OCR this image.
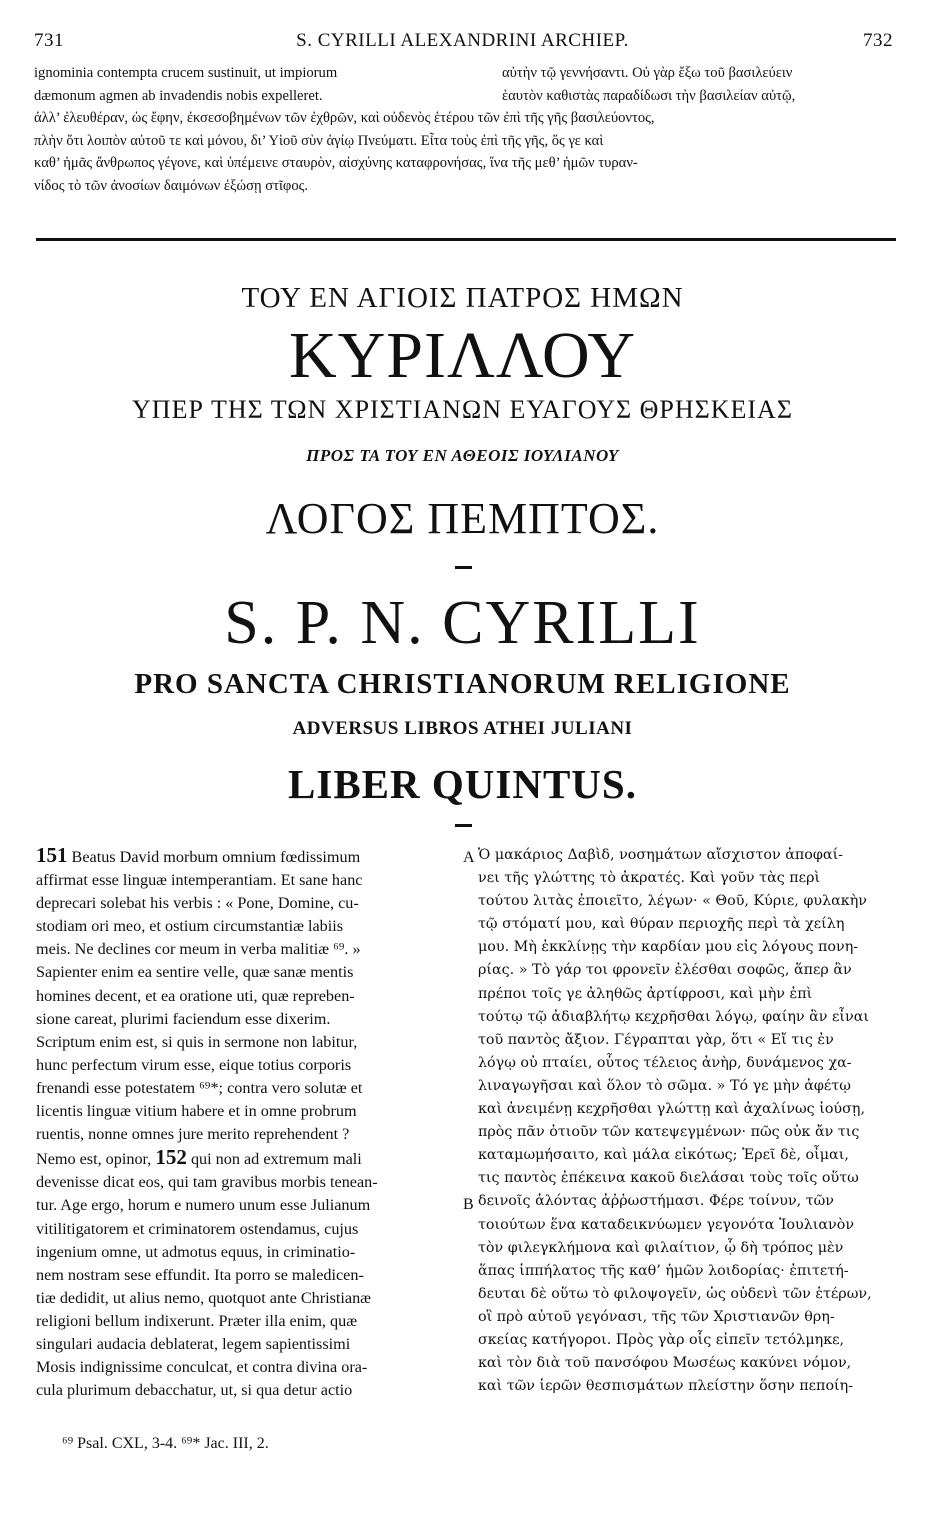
731	S. CYRILLI ALEXANDRINI ARCHIEP.	732
ignominia contempta crucem sustinuit, ut impiorum
dæmonum agmen ab invadendis nobis expelleret.
αὐτὴν τῷ γεννήσαντι. Οὐ γὰρ ἔξω τοῦ βασιλεύειν
ἑαυτὸν καθιστὰς παραδίδωσι τὴν βασιλείαν αὐτῷ,
ἀλλ’ ἐλευθέραν, ὡς ἔφην, ἐκσεσοβημένων τῶν ἐχθρῶν, καὶ οὐδενὸς ἑτέρου τῶν ἐπὶ τῆς γῆς βασιλεύοντος,
πλὴν ὅτι λοιπὸν αὐτοῦ τε καὶ μόνου, δι’ Υἱοῦ σὺν ἁγίῳ Πνεύματι. Εἶτα τοὺς ἐπὶ τῆς γῆς, ὅς γε καὶ
καθ’ ἡμᾶς ἄνθρωπος γέγονε, καὶ ὑπέμεινε σταυρὸν, αἰσχύνης καταφρονήσας, ἵνα τῆς μεθ’ ἡμῶν τυραν-
νίδος τὸ τῶν ἀνοσίων δαιμόνων ἐξώσῃ στῖφος.
ΤΟΥ ΕΝ ΑΓΙΟΙΣ ΠΑΤΡΟΣ ΗΜΩΝ
ΚΥΡΙΛΛΟΥ
ΥΠΕΡ ΤΗΣ ΤΩΝ ΧΡΙΣΤΙΑΝΩΝ ΕΥΑΓΟΥΣ ΘΡΗΣΚΕΙΑΣ
ΠΡΟΣ ΤΑ ΤΟΥ ΕΝ ΑΘΕΟΙΣ ΙΟΥΛΙΑΝΟΥ
ΛΟΓΟΣ ΠΕΜΠΤΟΣ.
S. P. N. CYRILLI
PRO SANCTA CHRISTIANORUM RELIGIONE
ADVERSUS LIBROS ATHEI JULIANI
LIBER QUINTUS.
151 Beatus David morbum omnium fœdissimum
affirmat esse linguæ intemperantiam. Et sane hanc
deprecari solebat his verbis : « Pone, Domine, cu-
stodiam ori meo, et ostium circumstantiæ labiis
meis. Ne declines cor meum in verba malitiæ ⁶⁹. »
Sapienter enim ea sentire velle, quæ sanæ mentis
homines decent, et ea oratione uti, quæ repreben-
sione careat, plurimi faciendum esse dixerim.
Scriptum enim est, si quis in sermone non labitur,
hunc perfectum virum esse, eique totius corporis
frenandi esse potestatem ⁶⁹*; contra vero solutæ et
licentis linguæ vitium habere et in omne probrum
ruentis, nonne omnes jure merito reprehendent ?
Nemo est, opinor, 152 qui non ad extremum mali
devenisse dicat eos, qui tam gravibus morbis tenean-
tur. Age ergo, horum e numero unum esse Julianum
vitilitigatorem et criminatorem ostendamus, cujus
ingenium omne, ut admotus equus, in criminatio-
nem nostram sese effundit. Ita porro se maledicen-
tiæ dedidit, ut alius nemo, quotquot ante Christianæ
religioni bellum indixerunt. Præter illa enim, quæ
singulari audacia deblaterat, legem sapientissimi
Mosis indignissime conculcat, et contra divina ora-
cula plurimum debacchatur, ut, si qua detur actio
A
B
Ὁ μακάριος Δαβὶδ, νοσημάτων αἴσχιστον ἀποφαί-
νει τῆς γλώττης τὸ ἀκρατές. Καὶ γοῦν τὰς περὶ
τούτου λιτὰς ἐποιεῖτο, λέγων· « Θοῦ, Κύριε, φυλακὴν
τῷ στόματί μου, καὶ θύραν περιοχῆς περὶ τὰ χείλη
μου. Μὴ ἐκκλίνῃς τὴν καρδίαν μου εἰς λόγους πονη-
ρίας. » Τὸ γάρ τοι φρονεῖν ἐλέσθαι σοφῶς, ἅπερ ἂν
πρέποι τοῖς γε ἀληθῶς ἀρτίφροσι, καὶ μὴν ἐπὶ
τούτῳ τῷ ἀδιαβλήτῳ κεχρῆσθαι λόγῳ, φαίην ἂν εἶναι
τοῦ παντὸς ἄξιον. Γέγραπται γὰρ, ὅτι « Εἴ τις ἐν
λόγῳ οὐ πταίει, οὗτος τέλειος ἀνὴρ, δυνάμενος χα-
λιναγωγῆσαι καὶ ὅλον τὸ σῶμα. » Τό γε μὴν ἀφέτῳ
καὶ ἀνειμένῃ κεχρῆσθαι γλώττῃ καὶ ἀχαλίνως ἰούσῃ,
πρὸς πᾶν ὁτιοῦν τῶν κατεψεγμένων· πῶς οὐκ ἄν τις
καταμωμήσαιτο, καὶ μάλα εἰκότως; Ἐρεῖ δὲ, οἶμαι,
τις παντὸς ἐπέκεινα κακοῦ διελάσαι τοὺς τοῖς οὕτω
δεινοῖς ἁλόντας ἀῤῥωστήμασι. Φέρε τοίνυν, τῶν
τοιούτων ἕνα καταδεικνύωμεν γεγονότα Ἰουλιανὸν
τὸν φιλεγκλήμονα καὶ φιλαίτιον, ᾧ δὴ τρόπος μὲν
ἅπας ἱππήλατος τῆς καθ’ ἡμῶν λοιδορίας· ἐπιτετή-
δευται δὲ οὕτω τὸ φιλοψογεῖν, ὡς οὐδενὶ τῶν ἑτέρων,
οἳ πρὸ αὐτοῦ γεγόνασι, τῆς τῶν Χριστιανῶν θρη-
σκείας κατήγοροι. Πρὸς γὰρ οἷς εἰπεῖν τετόλμηκε,
καὶ τὸν διὰ τοῦ πανσόφου Μωσέως κακύνει νόμον,
καὶ τῶν ἱερῶν θεσπισμάτων πλείστην ὅσην πεποίη-
⁶⁹ Psal. CXL, 3-4. ⁶⁹* Jac. III, 2.
